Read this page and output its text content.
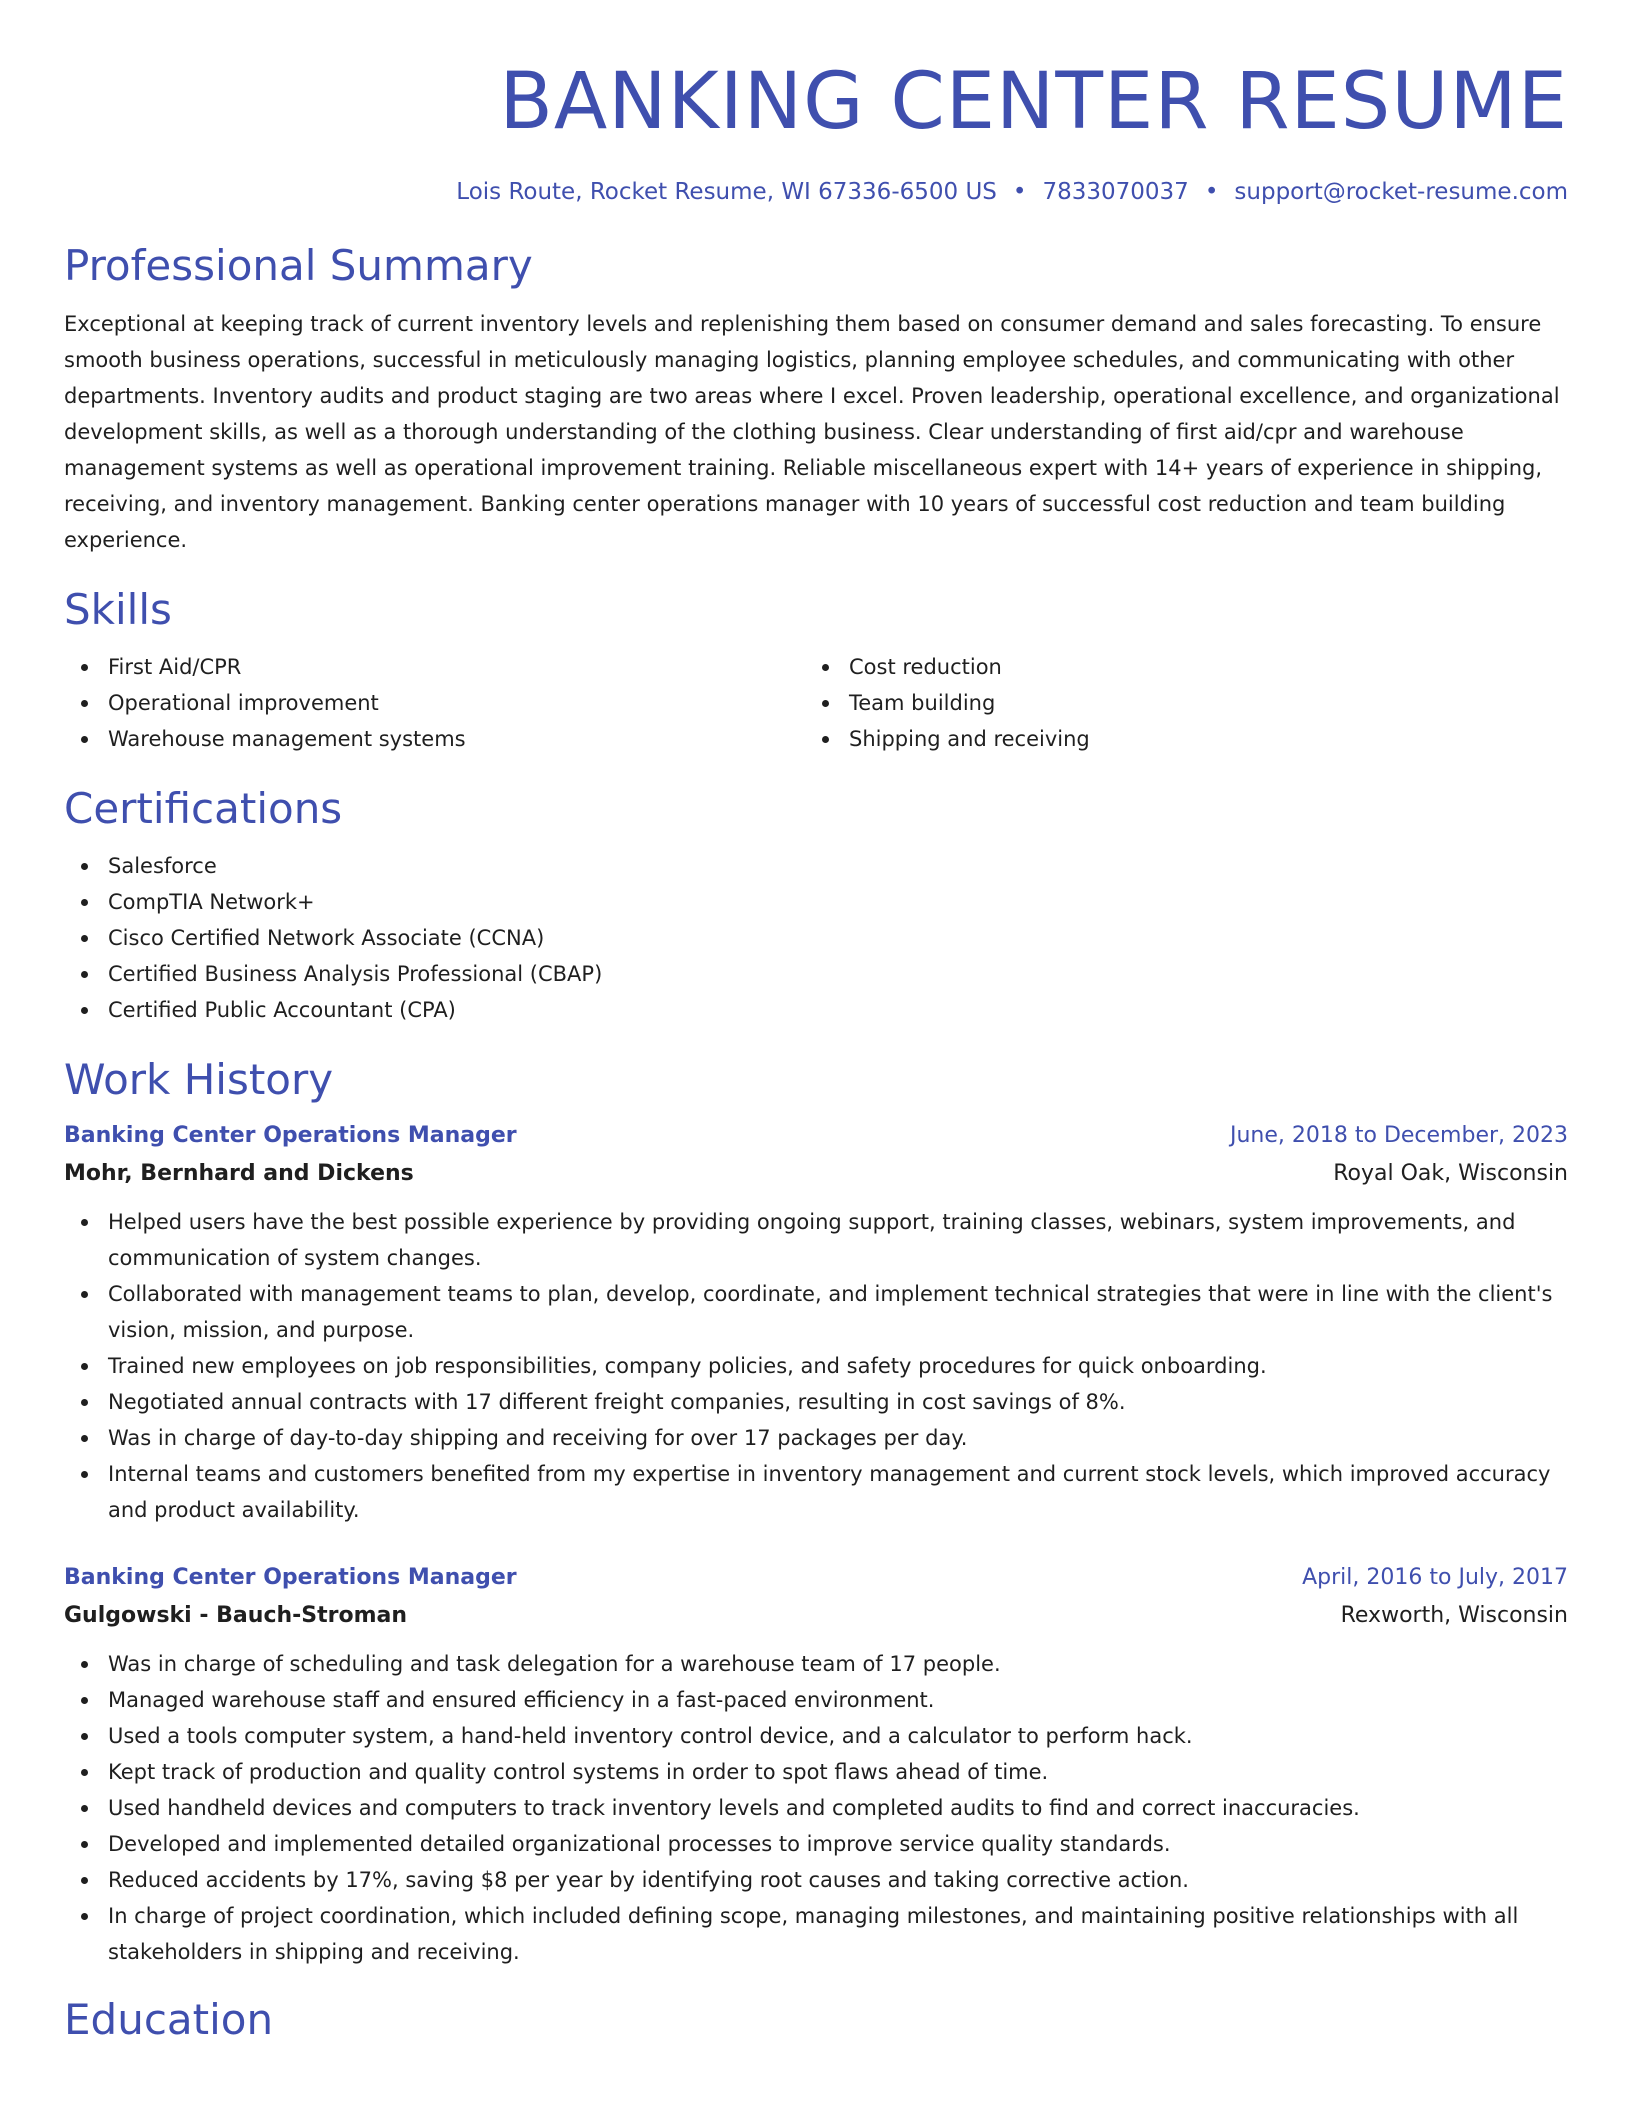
BANKING CENTER RESUME
Lois Route, Rocket Resume, WI 67336-6500 US • 7833070037 • support@rocket-resume.com
Professional Summary

Exceptional at keeping track of current inventory levels and replenishing them based on consumer demand and sales forecasting. To ensure smooth business operations, successful in meticulously managing logistics, planning employee schedules, and communicating with other departments. Inventory audits and product staging are two areas where I excel. Proven leadership, operational excellence, and organizational development skills, as well as a thorough understanding of the clothing business. Clear understanding of first aid/cpr and warehouse management systems as well as operational improvement training. Reliable miscellaneous expert with 14+ years of experience in shipping, receiving, and inventory management. Banking center operations manager with 10 years of successful cost reduction and team building experience.

Skills
First Aid/CPR
Operational improvement
Warehouse management systems
Cost reduction
Team building
Shipping and receiving
Certifications
Salesforce
CompTIA Network+
Cisco Certified Network Associate (CCNA)
Certified Business Analysis Professional (CBAP)
Certified Public Accountant (CPA)
Work History
Banking Center Operations Manager	June, 2018 to December, 2023
Mohr, Bernhard and Dickens	Royal Oak, Wisconsin
Helped users have the best possible experience by providing ongoing support, training classes, webinars, system improvements, and communication of system changes.
Collaborated with management teams to plan, develop, coordinate, and implement technical strategies that were in line with the client's vision, mission, and purpose.
Trained new employees on job responsibilities, company policies, and safety procedures for quick onboarding.
Negotiated annual contracts with 17 different freight companies, resulting in cost savings of 8%.
Was in charge of day-to-day shipping and receiving for over 17 packages per day.
Internal teams and customers benefited from my expertise in inventory management and current stock levels, which improved accuracy and product availability.
Banking Center Operations Manager	April, 2016 to July, 2017
Gulgowski - Bauch-Stroman	Rexworth, Wisconsin
Was in charge of scheduling and task delegation for a warehouse team of 17 people.
Managed warehouse staff and ensured efficiency in a fast-paced environment.
Used a tools computer system, a hand-held inventory control device, and a calculator to perform hack.
Kept track of production and quality control systems in order to spot flaws ahead of time.
Used handheld devices and computers to track inventory levels and completed audits to find and correct inaccuracies.
Developed and implemented detailed organizational processes to improve service quality standards.
Reduced accidents by 17%, saving $8 per year by identifying root causes and taking corrective action.
In charge of project coordination, which included defining scope, managing milestones, and maintaining positive relationships with all stakeholders in shipping and receiving.
Education
